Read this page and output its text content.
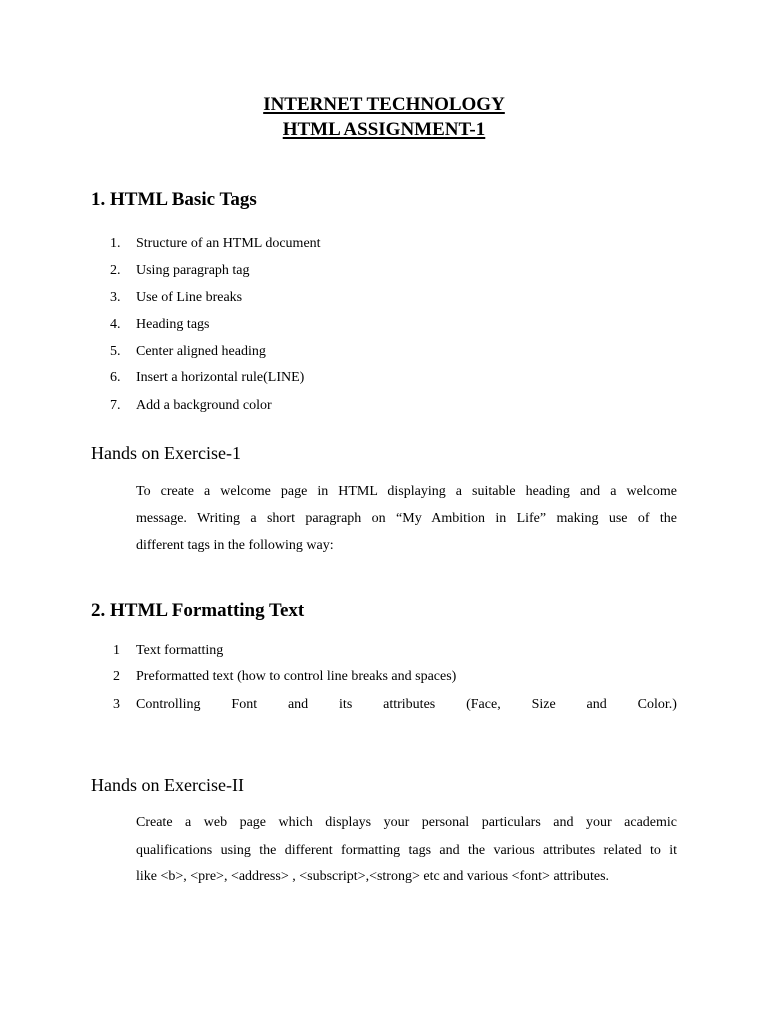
INTERNET TECHNOLOGY
HTML ASSIGNMENT-1
1. HTML Basic Tags
1. Structure of an HTML document
2. Using paragraph tag
3. Use of Line breaks
4. Heading tags
5. Center aligned heading
6. Insert a horizontal rule(LINE)
7. Add a background color
Hands on Exercise-1
To create a welcome page in HTML displaying a suitable heading and a welcome
message. Writing a short paragraph on “My Ambition in Life” making use of the
different tags in the following way:
2. HTML Formatting Text
1 Text formatting
2 Preformatted text (how to control line breaks and spaces)
3 Controlling Font and its attributes (Face, Size and Color.)
Hands on Exercise-II
Create a web page which displays your personal particulars and your academic
qualifications using the different formatting tags and the various attributes related to it
like <b>, <pre>, <address> , <subscript>,<strong> etc and various <font> attributes.
